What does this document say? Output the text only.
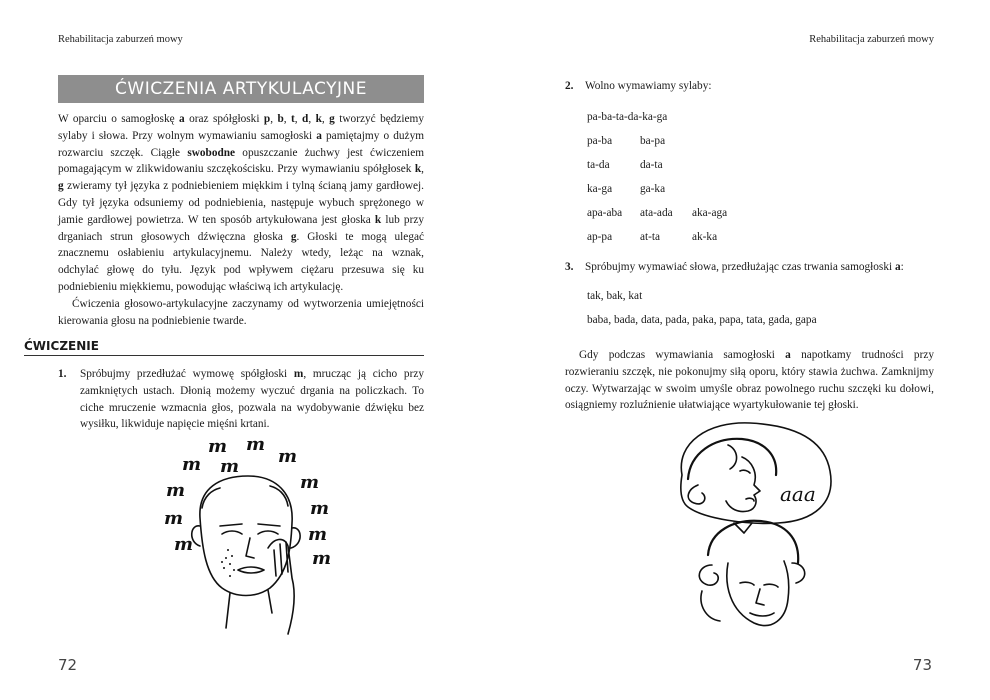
Rehabilitacja zaburzeń mowy
ĆWICZENIA ARTYKULACYJNE

W oparciu o samogłoskę a oraz spółgłoski p, b, t, d, k, g tworzyć będziemy sylaby i słowa. Przy wolnym wymawianiu samogłoski a pamiętajmy o dużym rozwarciu szczęk. Ciągłe swobodne opuszczanie żuchwy jest ćwiczeniem pomagającym w zlikwidowaniu szczękościsku. Przy wymawianiu spółgłosek k, g zwieramy tył języka z podniebieniem miękkim i tylną ścianą jamy gardłowej. Gdy tył języka odsuniemy od podniebienia, następuje wybuch sprężonego w jamie gardłowej powietrza. W ten sposób artykułowana jest głoska k lub przy drganiach strun głosowych dźwięczna głoska g. Głoski te mogą ulegać znacznemu osłabieniu artykulacyjnemu. Należy wtedy, leżąc na wznak, odchylać głowę do tyłu. Język pod wpływem ciężaru przesuwa się ku podniebieniu miękkiemu, powodując właściwą ich artykulację.

Ćwiczenia głosowo-artykulacyjne zaczynamy od wytworzenia umiejętności kierowania głosu na podniebienie twarde.

ĆWICZENIE
1. Spróbujmy przedłużać wymowę spółgłoski m, mrucząc ją cicho przy zamkniętych ustach. Dłonią możemy wyczuć drgania na policzkach. To ciche mruczenie wzmacnia głos, pozwala na wydobywanie dźwięku bez wysiłku, likwiduje napięcie mięśni krtani.
m
m m
m
m
m
m
m
m	m
m
m
72
Rehabilitacja zaburzeń mowy
73
2. Wolno wymawiamy sylaby:
pa-ba-ta-da-ka-ga
pa-ba ba-pa
ta-da	da-ta
ka-ga ga-ka
apa-aba ata-ada aka-aga
ap-pa at-ta	ak-ka
3. Spróbujmy wymawiać słowa, przedłużając czas trwania samogłoski a:
tak, bak, kat
baba, bada, data, pada, paka, papa, tata, gada, gapa
Gdy podczas wymawiania samogłoski a napotkamy trudności przy rozwieraniu szczęk, nie pokonujmy siłą oporu, który stawia żuchwa. Zamknijmy oczy. Wytwarzając w swoim umyśle obraz powolnego ruchu szczęki ku dołowi, osiągniemy rozluźnienie ułatwiające wyartykułowanie tej głoski.
aaa
